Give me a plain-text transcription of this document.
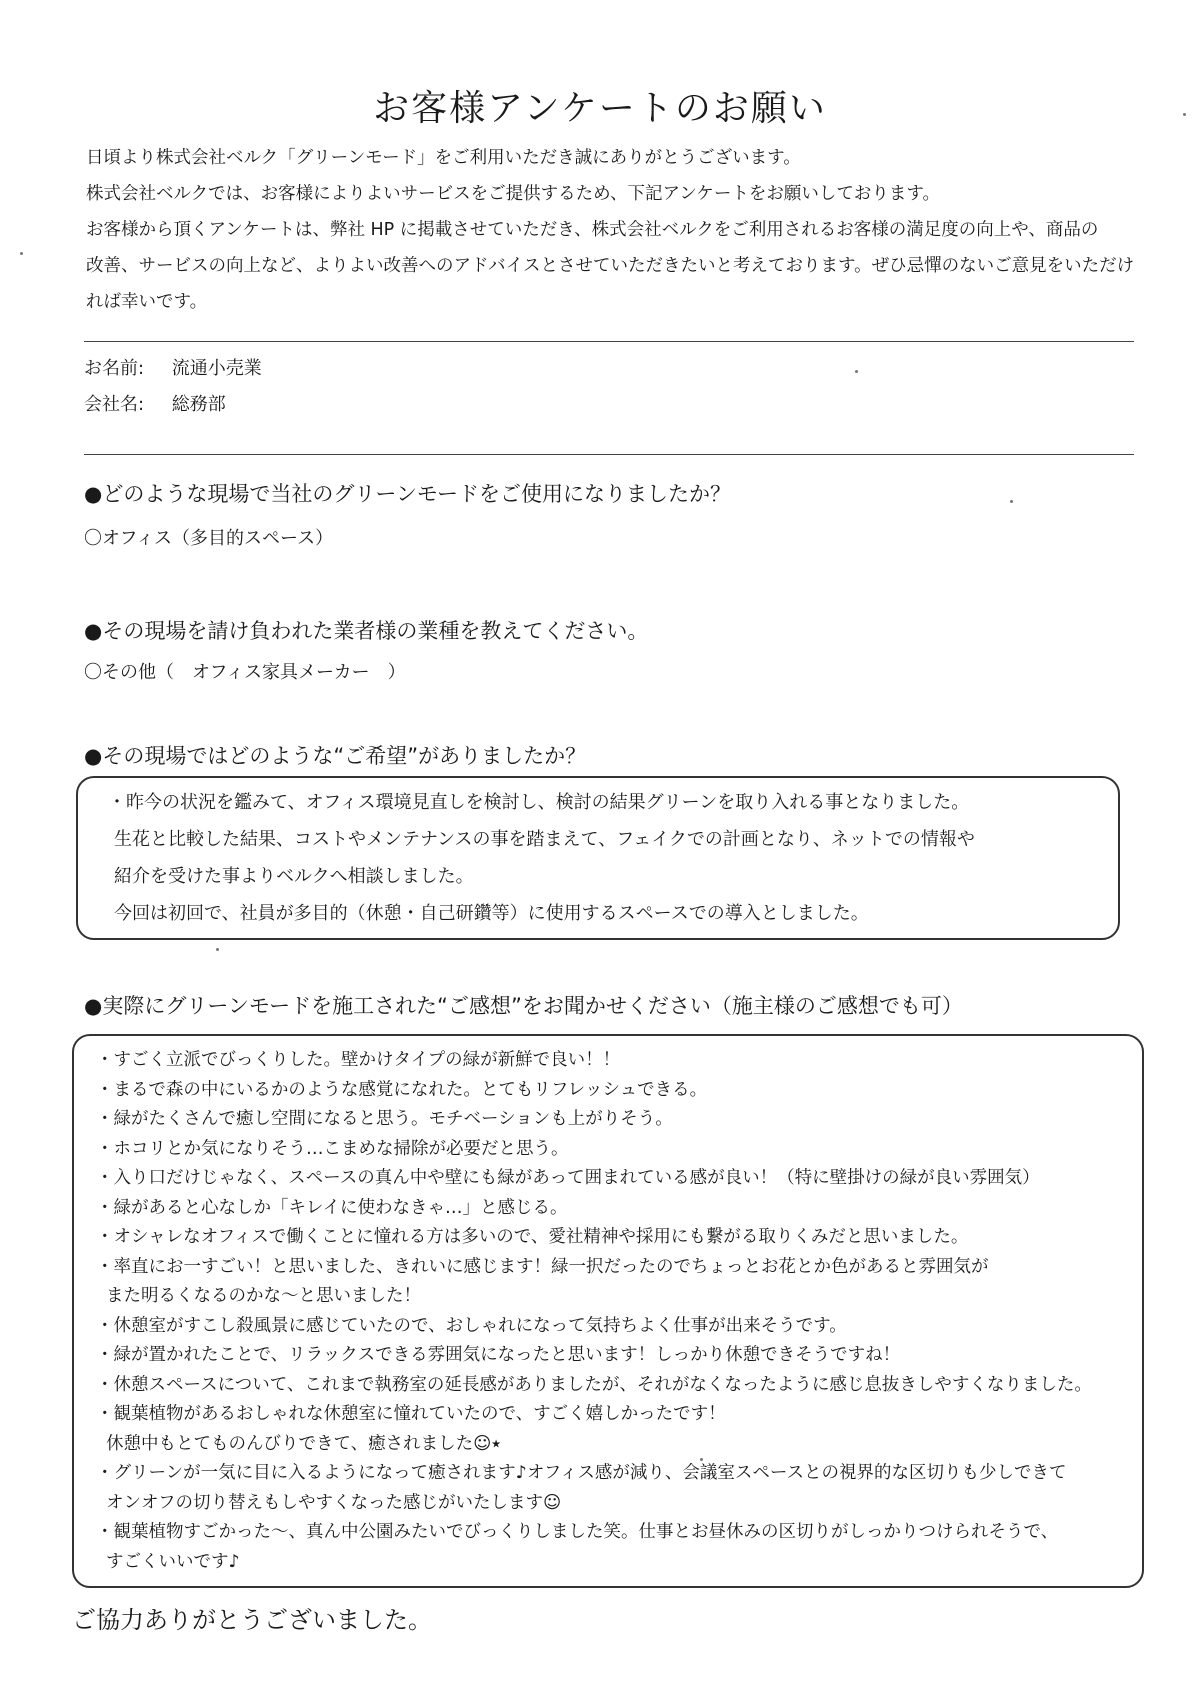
お客様アンケートのお願い

日頃より株式会社ベルク「グリーンモード」をご利用いただき誠にありがとうございます。

株式会社ベルクでは、お客様によりよいサービスをご提供するため、下記アンケートをお願いしております。

お客様から頂くアンケートは、弊社 HP に掲載させていただき、株式会社ベルクをご利用されるお客様の満足度の向上や、商品の

改善、サービスの向上など、よりよい改善へのアドバイスとさせていただきたいと考えております。ぜひ忌憚のないご意見をいただけ

れば幸いです。

お名前: 流通小売業
会社名: 総務部
●どのような現場で当社のグリーンモードをご使用になりましたか？
〇オフィス（多目的スペース）
●その現場を請け負われた業者様の業種を教えてください。
〇その他（　オフィス家具メーカー　）
●その現場ではどのような“ご希望”がありましたか？

・昨今の状況を鑑みて、オフィス環境見直しを検討し、検討の結果グリーンを取り入れる事となりました。

生花と比較した結果、コストやメンテナンスの事を踏まえて、フェイクでの計画となり、ネットでの情報や

紹介を受けた事よりベルクへ相談しました。

今回は初回で、社員が多目的（休憩・自己研鑽等）に使用するスペースでの導入としました。

●実際にグリーンモードを施工された“ご感想”をお聞かせください（施主様のご感想でも可）
・すごく立派でびっくりした。壁かけタイプの緑が新鮮で良い！！
・まるで森の中にいるかのような感覚になれた。とてもリフレッシュできる。
・緑がたくさんで癒し空間になると思う。モチベーションも上がりそう。
・ホコリとか気になりそう…こまめな掃除が必要だと思う。
・入り口だけじゃなく、スペースの真ん中や壁にも緑があって囲まれている感が良い！（特に壁掛けの緑が良い雰囲気）
・緑があると心なしか「キレイに使わなきゃ…」と感じる。
・オシャレなオフィスで働くことに憧れる方は多いので、愛社精神や採用にも繋がる取りくみだと思いました。
・率直にお一すごい！と思いました、きれいに感じます！緑一択だったのでちょっとお花とか色があると雰囲気が
また明るくなるのかな～と思いました！
・休憩室がすこし殺風景に感じていたので、おしゃれになって気持ちよく仕事が出来そうです。
・緑が置かれたことで、リラックスできる雰囲気になったと思います！しっかり休憩できそうですね！
・休憩スペースについて、これまで執務室の延長感がありましたが、それがなくなったように感じ息抜きしやすくなりました。
・観葉植物があるおしゃれな休憩室に憧れていたので、すごく嬉しかったです！
休憩中もとてものんびりできて、癒されました☺⭑
・グリーンが一気に目に入るようになって癒されます♪オフィス感が減り、会議室スペースとの視界的な区切りも少しできて
オンオフの切り替えもしやすくなった感じがいたします☺
・観葉植物すごかった～、真ん中公園みたいでびっくりしました笑。仕事とお昼休みの区切りがしっかりつけられそうで、
すごくいいです♪

ご協力ありがとうございました。
